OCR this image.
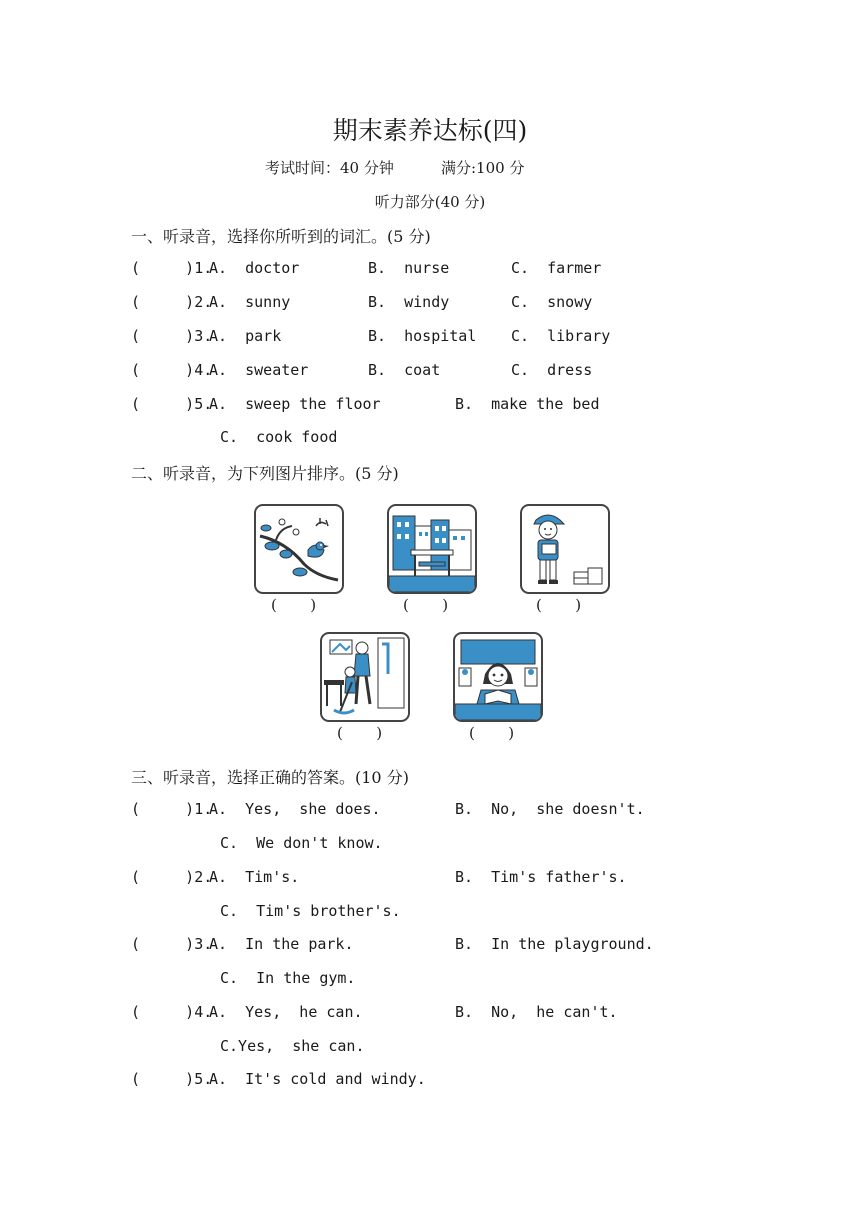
期末素养达标(四)
考试时间：40 分钟	满分:100 分
听力部分(40 分)
一、听录音，选择你所听到的词汇。(5 分)
(     )1.
A.  doctor	B.  nurse	C.  farmer
(     )2.
A.  sunny	B.  windy	C.  snowy
(     )3.
A.  park	B.  hospital C.  library
(     )4.
A.  sweater	B.  coat	C.  dress
(     )5.
A.  sweep the floor	B.  make the bed
C.  cook food
二、听录音，为下列图片排序。(5 分)
(       )	(       )	(       )
(       )	(       )
三、听录音，选择正确的答案。(10 分)
(     )1.
A.  Yes,  she does.	B.  No,  she doesn't.
C.  We don't know.
(     )2.
A.  Tim's.	B.  Tim's father's.
C.  Tim's brother's.
(     )3.
A.  In the park.	B.  In the playground.
C.  In the gym.
(     )4.
A.  Yes,  he can.	B.  No,  he can't.
C.Yes,  she can.
(     )5.
A.  It's cold and windy.
